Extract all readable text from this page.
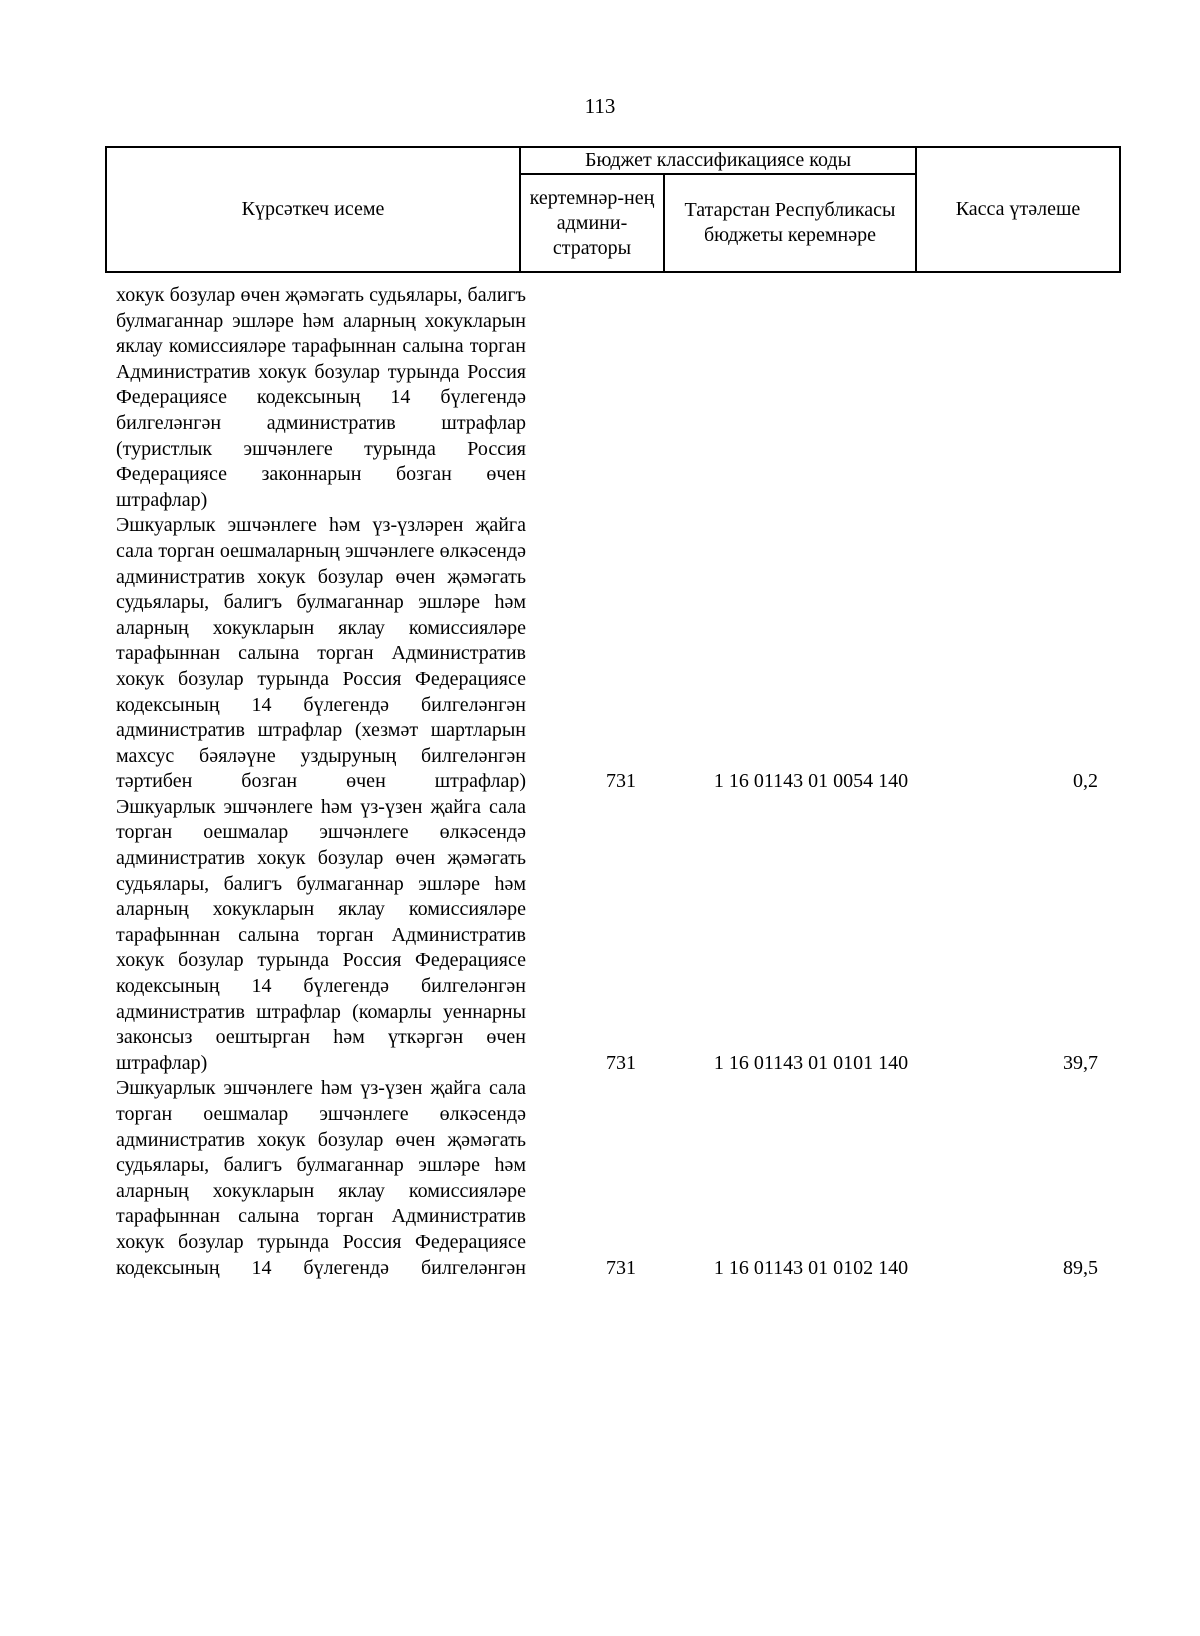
113
Күрсәткеч исеме	Бюджет классификациясе коды		Касса үтәлеше
	кертемнәр-нең админи-страторы	Татарстан Республикасы бюджеты керемнәре	

хокук бозулар өчен җәмәгать судьялары, балигъ булмаганнар эшләре һәм аларның хокукларын яклау комиссияләре тарафыннан салына торган Административ хокук бозулар турында Россия Федерациясе кодексының 14 бүлегендә билгеләнгән административ штрафлар (туристлык эшчәнлеге турында Россия Федерациясе законнарын бозган өчен штрафлар)

Эшкуарлык эшчәнлеге һәм үз-үзләрен җайга сала торган оешмаларның эшчәнлеге өлкәсендә административ хокук бозулар өчен җәмәгать судьялары, балигъ булмаганнар эшләре һәм аларның хокукларын яклау комиссияләре тарафыннан салына торган Административ хокук бозулар турында Россия Федерациясе кодексының 14 бүлегендә билгеләнгән административ штрафлар (хезмәт шартларын махсус бәяләүне уздыруның билгеләнгән тәртибен бозган өчен штрафлар)	731	1 16 01143 01 0054 140	0,2

Эшкуарлык эшчәнлеге һәм үз-үзен җайга сала торган оешмалар эшчәнлеге өлкәсендә административ хокук бозулар өчен җәмәгать судьялары, балигъ булмаганнар эшләре һәм аларның хокукларын яклау комиссияләре тарафыннан салына торган Административ хокук бозулар турында Россия Федерациясе кодексының 14 бүлегендә билгеләнгән административ штрафлар (комарлы уеннарны законсыз оештырган һәм үткәргән өчен штрафлар)	731	1 16 01143 01 0101 140	39,7

Эшкуарлык эшчәнлеге һәм үз-үзен җайга сала торган оешмалар эшчәнлеге өлкәсендә административ хокук бозулар өчен җәмәгать судьялары, балигъ булмаганнар эшләре һәм аларның хокукларын яклау комиссияләре тарафыннан салына торган Административ хокук бозулар турында Россия Федерациясе кодексының 14 бүлегендә билгеләнгән	731	1 16 01143 01 0102 140	89,5
